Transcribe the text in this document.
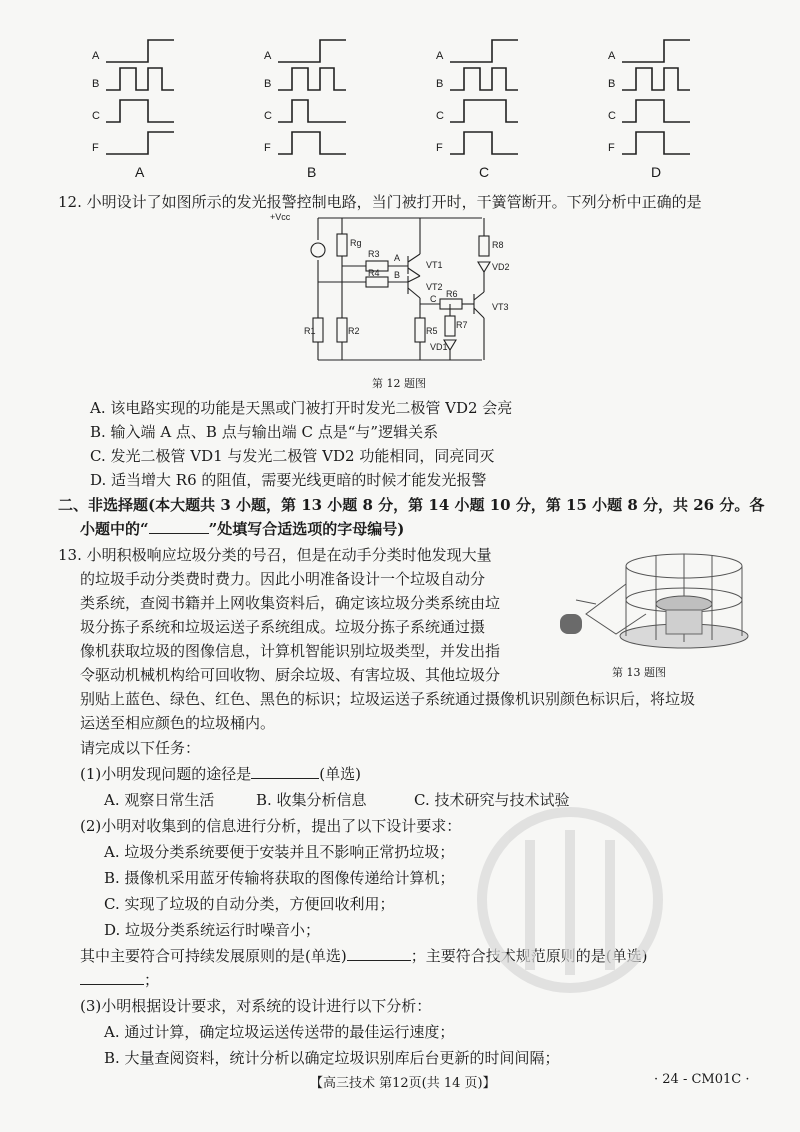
A
B
C
F
A
B
C
F
A
B
C
F
A
B
C
F
A	B	C	D
12. 小明设计了如图所示的发光报警控制电路，当门被打开时，干簧管断开。下列分析中正确的是
+Vcc
Rg
R3
R4
A
B
VT1
VT2
C R6
VT3
R8
VD2
R1	R2	R5
R7
VD1
第 12 题图
A. 该电路实现的功能是天黑或门被打开时发光二极管 VD2 会亮
B. 输入端 A 点、B 点与输出端 C 点是“与”逻辑关系
C. 发光二极管 VD1 与发光二极管 VD2 功能相同，同亮同灭
D. 适当增大 R6 的阻值，需要光线更暗的时候才能发光报警
二、非选择题(本大题共 3 小题，第 13 小题 8 分，第 14 小题 10 分，第 15 小题 8 分，共 26 分。各
小题中的“	”处填写合适选项的字母编号)
13. 小明积极响应垃圾分类的号召，但是在动手分类时他发现大量
的垃圾手动分类费时费力。因此小明准备设计一个垃圾自动分
类系统，查阅书籍并上网收集资料后，确定该垃圾分类系统由垃
圾分拣子系统和垃圾运送子系统组成。垃圾分拣子系统通过摄
像机获取垃圾的图像信息，计算机智能识别垃圾类型，并发出指
令驱动机械机构给可回收物、厨余垃圾、有害垃圾、其他垃圾分
别贴上蓝色、绿色、红色、黑色的标识；垃圾运送子系统通过摄像机识别颜色标识后，将垃圾
运送至相应颜色的垃圾桶内。
第 13 题图
请完成以下任务：
(1)小明发现问题的途径是	(单选)
A. 观察日常生活	B. 收集分析信息	C. 技术研究与技术试验
(2)小明对收集到的信息进行分析，提出了以下设计要求：
A. 垃圾分类系统要便于安装并且不影响正常扔垃圾；
B. 摄像机采用蓝牙传输将获取的图像传递给计算机；
C. 实现了垃圾的自动分类，方便回收利用；
D. 垃圾分类系统运行时噪音小；
其中主要符合可持续发展原则的是(单选)	；主要符合技术规范原则的是(单选)
；
(3)小明根据设计要求，对系统的设计进行以下分析：
A. 通过计算，确定垃圾运送传送带的最佳运行速度；
B. 大量查阅资料，统计分析以确定垃圾识别库后台更新的时间间隔；
【高三技术 第12页(共 14 页)】	· 24 - CM01C ·
